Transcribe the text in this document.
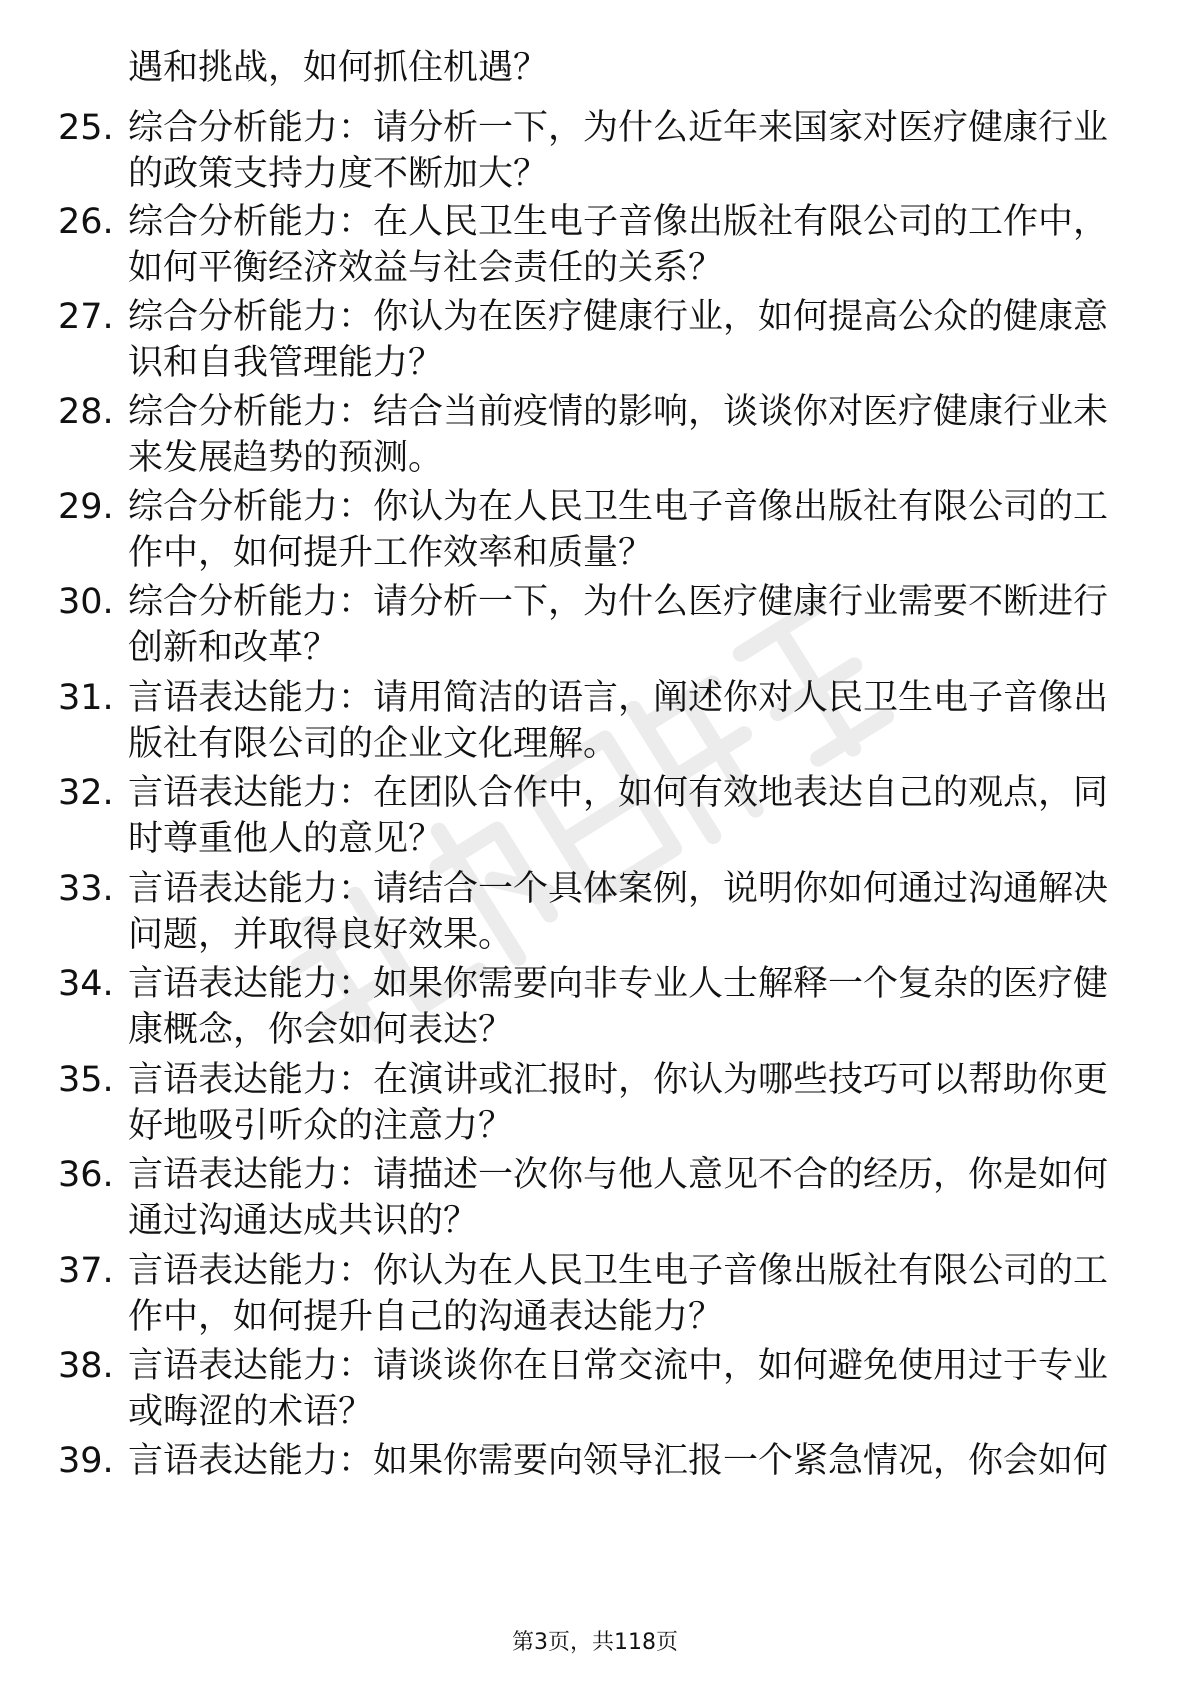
遇和挑战，如何抓住机遇？
25. 综合分析能力：请分析一下，为什么近年来国家对医疗健康行业的政策支持力度不断加大？
26. 综合分析能力：在人民卫生电子音像出版社有限公司的工作中，如何平衡经济效益与社会责任的关系？
27. 综合分析能力：你认为在医疗健康行业，如何提高公众的健康意识和自我管理能力？
28. 综合分析能力：结合当前疫情的影响，谈谈你对医疗健康行业未来发展趋势的预测。
29. 综合分析能力：你认为在人民卫生电子音像出版社有限公司的工作中，如何提升工作效率和质量？
30. 综合分析能力：请分析一下，为什么医疗健康行业需要不断进行创新和改革？
31. 言语表达能力：请用简洁的语言，阐述你对人民卫生电子音像出版社有限公司的企业文化理解。
32. 言语表达能力：在团队合作中，如何有效地表达自己的观点，同时尊重他人的意见？
33. 言语表达能力：请结合一个具体案例，说明你如何通过沟通解决问题，并取得良好效果。
34. 言语表达能力：如果你需要向非专业人士解释一个复杂的医疗健康概念，你会如何表达？
35. 言语表达能力：在演讲或汇报时，你认为哪些技巧可以帮助你更好地吸引听众的注意力？
36. 言语表达能力：请描述一次你与他人意见不合的经历，你是如何通过沟通达成共识的？
37. 言语表达能力：你认为在人民卫生电子音像出版社有限公司的工作中，如何提升自己的沟通表达能力？
38. 言语表达能力：请谈谈你在日常交流中，如何避免使用过于专业或晦涩的术语？
39. 言语表达能力：如果你需要向领导汇报一个紧急情况，你会如何
第3页，共118页
